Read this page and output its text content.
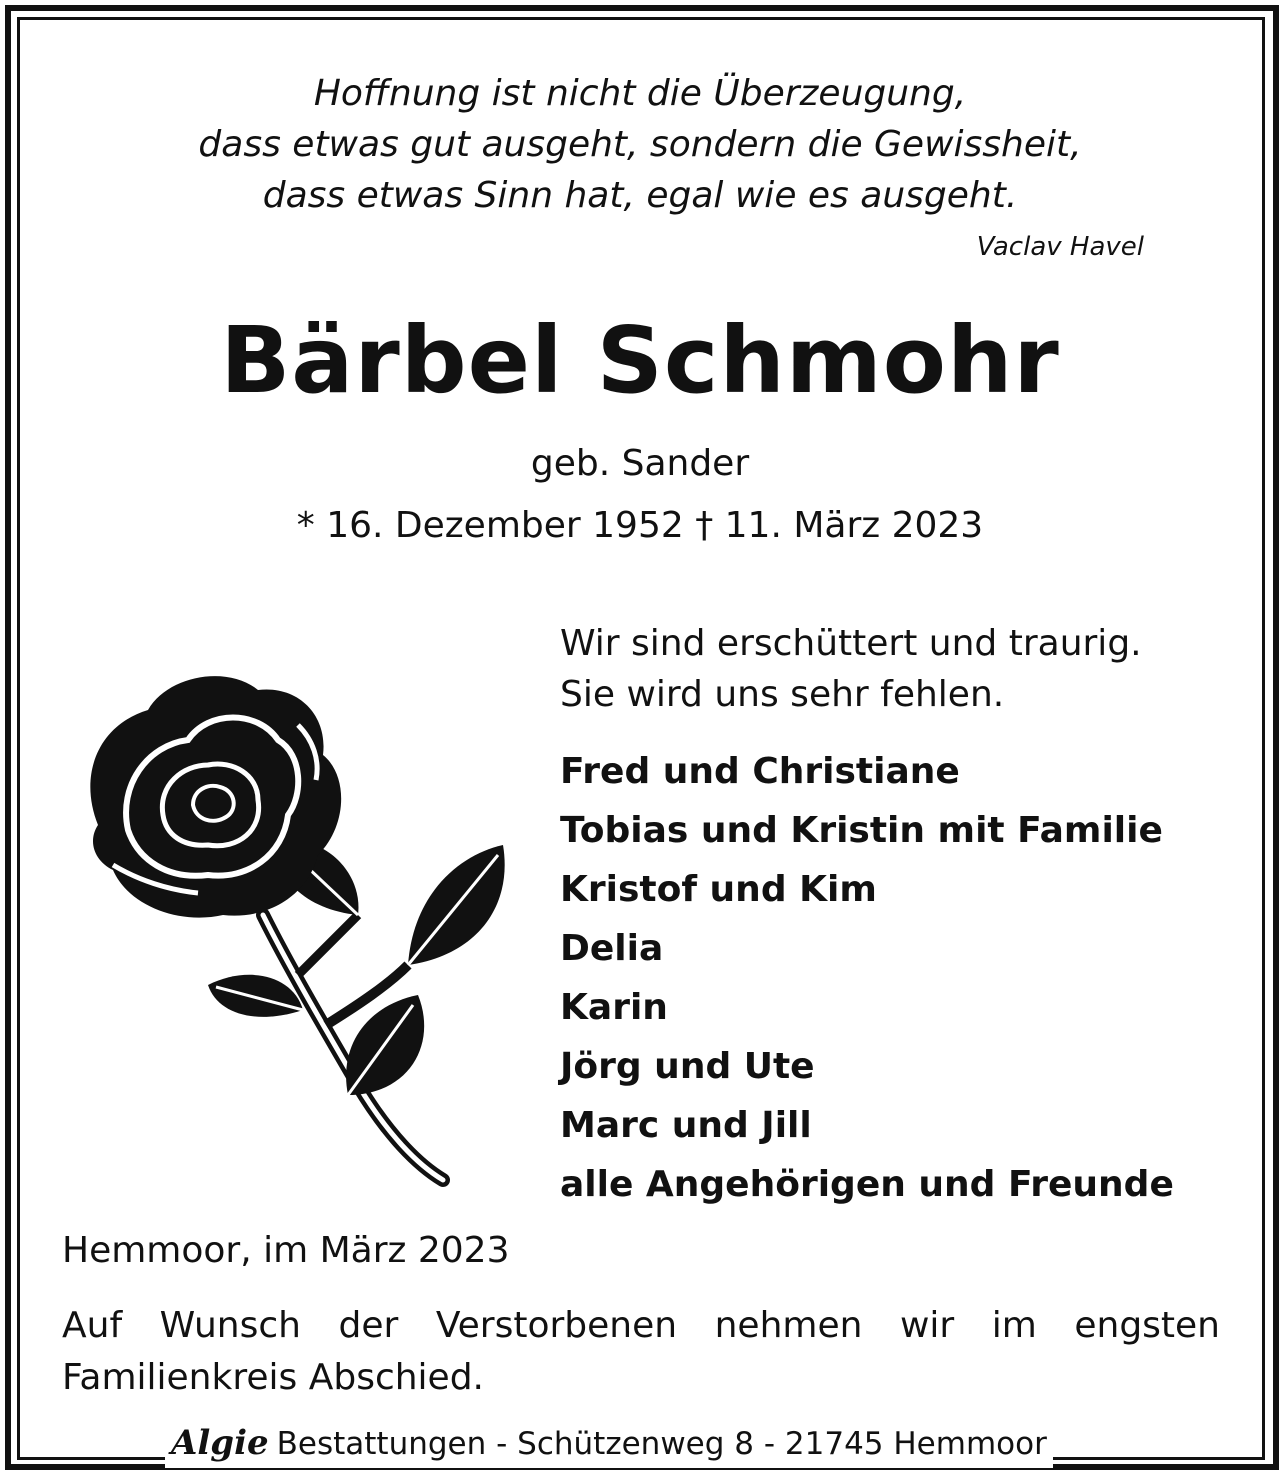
Hoffnung ist nicht die Überzeugung,
dass etwas gut ausgeht, sondern die Gewissheit,
dass etwas Sinn hat, egal wie es ausgeht.
Vaclav Havel
Bärbel Schmohr
geb. Sander
* 16. Dezember 1952 † 11. März 2023
Wir sind erschüttert und traurig.
Sie wird uns sehr fehlen.
Fred und Christiane
Tobias und Kristin mit Familie
Kristof und Kim
Delia
Karin
Jörg und Ute
Marc und Jill
alle Angehörigen und Freunde
Hemmoor, im März 2023
Auf Wunsch der Verstorbenen nehmen wir im engsten Familienkreis Abschied.
Algie Bestattungen - Schützenweg 8 - 21745 Hemmoor
